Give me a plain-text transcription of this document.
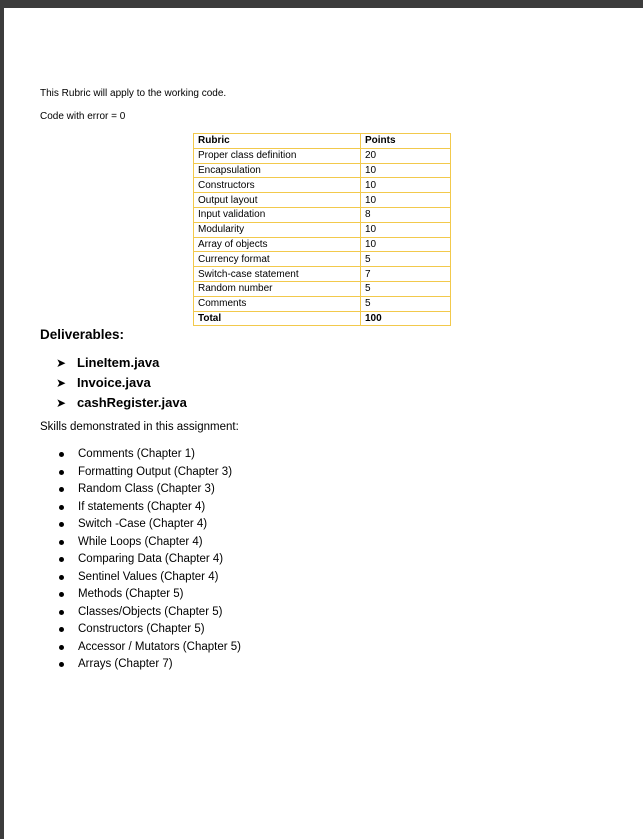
This Rubric will apply to the working code.
Code with error = 0
Rubric	Points
Proper class definition	20
Encapsulation	10
Constructors	10
Output layout	10
Input validation	8
Modularity	10
Array of objects	10
Currency format	5
Switch-case statement	7
Random number	5
Comments	5
Total	100
Deliverables:
➤ LineItem.java
➤ Invoice.java
➤ cashRegister.java
Skills demonstrated in this assignment:
Comments (Chapter 1)
Formatting Output (Chapter 3)
Random Class (Chapter 3)
If statements (Chapter 4)
Switch -Case (Chapter 4)
While Loops (Chapter 4)
Comparing Data (Chapter 4)
Sentinel Values (Chapter 4)
Methods (Chapter 5)
Classes/Objects (Chapter 5)
Constructors (Chapter 5)
Accessor / Mutators (Chapter 5)
Arrays (Chapter 7)
